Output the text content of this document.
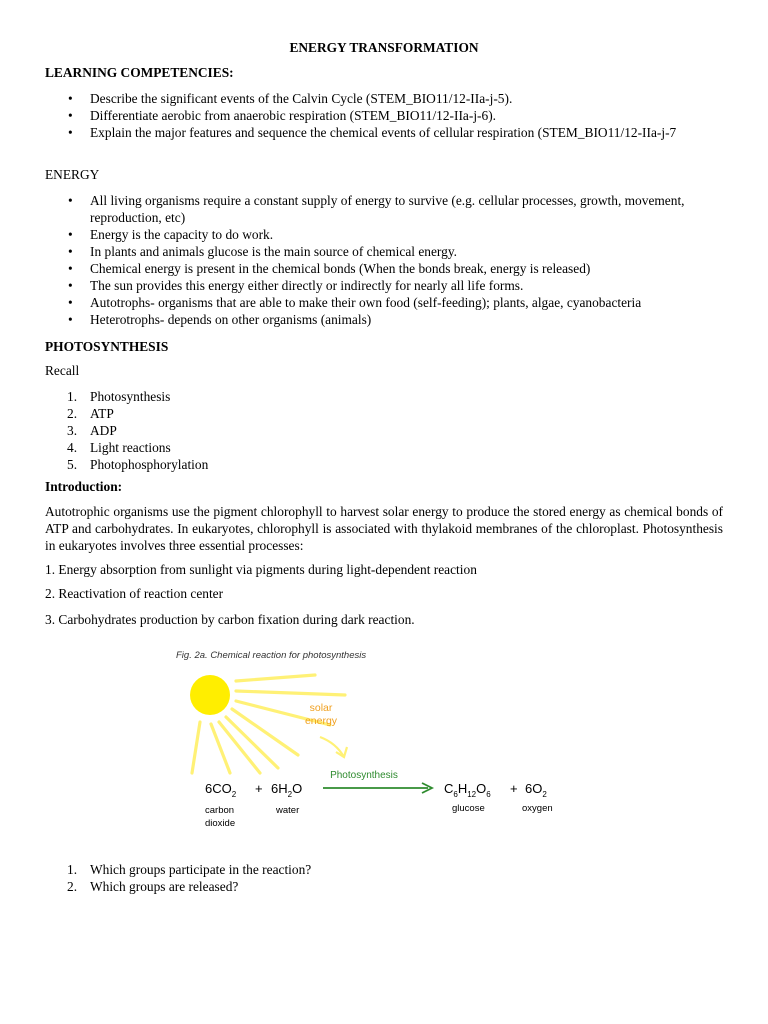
ENERGY TRANSFORMATION

LEARNING COMPETENCIES:

• Describe the significant events of the Calvin Cycle (STEM_BIO11/12-IIa-j-5).
• Differentiate aerobic from anaerobic respiration (STEM_BIO11/12-IIa-j-6).
• Explain the major features and sequence the chemical events of cellular respiration (STEM_BIO11/12-IIa-j-7

ENERGY

• All living organisms require a constant supply of energy to survive (e.g. cellular processes, growth, movement, reproduction, etc)
• Energy is the capacity to do work.
• In plants and animals glucose is the main source of chemical energy.
• Chemical energy is present in the chemical bonds (When the bonds break, energy is released)
• The sun provides this energy either directly or indirectly for nearly all life forms.
• Autotrophs- organisms that are able to make their own food (self-feeding); plants, algae, cyanobacteria
• Heterotrophs- depends on other organisms (animals)

PHOTOSYNTHESIS

Recall

1. Photosynthesis
2. ATP
3. ADP
4. Light reactions
5. Photophosphorylation

Introduction:

Autotrophic organisms use the pigment chlorophyll to harvest solar energy to produce the stored energy as chemical bonds of ATP and carbohydrates. In eukaryotes, chlorophyll is associated with thylakoid membranes of the chloroplast. Photosynthesis in eukaryotes involves three essential processes:

1. Energy absorption from sunlight via pigments during light-dependent reaction

2. Reactivation of reaction center

3. Carbohydrates production by carbon fixation during dark reaction.

Fig. 2a. Chemical reaction for photosynthesis
solar
energy
$6CO_2 + 6H_2O$
Photosynthesis
$C_6H_{12}O_6 + 6O_2$
carbon
dioxide
water	glucose	oxygen
1. Which groups participate in the reaction?
2. Which groups are released?
